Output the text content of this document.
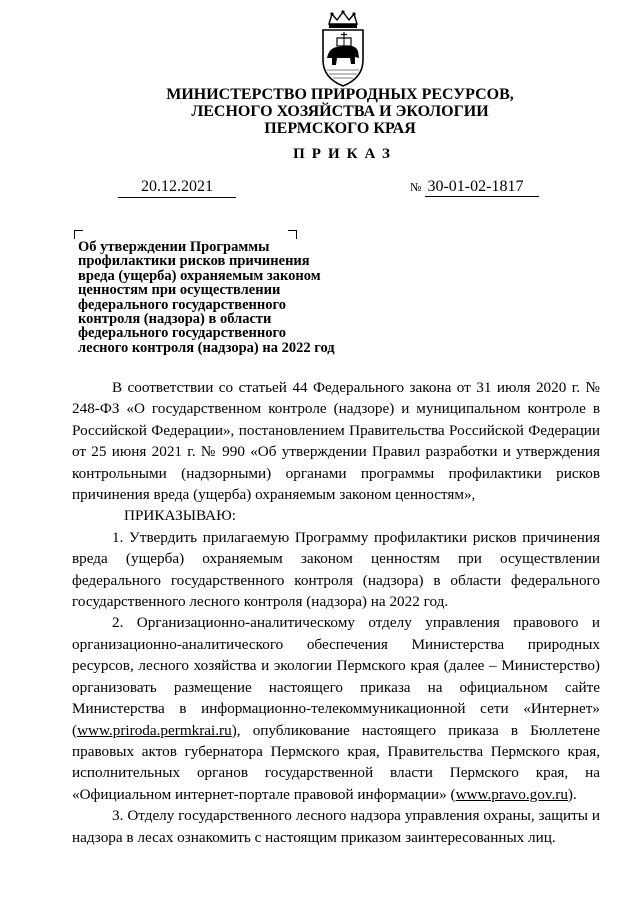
МИНИСТЕРСТВО ПРИРОДНЫХ РЕСУРСОВ,
ЛЕСНОГО ХОЗЯЙСТВА И ЭКОЛОГИИ
ПЕРМСКОГО КРАЯ
ПРИКАЗ
20.12.2021	№ 30-01-02-1817
Об утверждении Программы профилактики рисков причинения вреда (ущерба) охраняемым законом ценностям при осуществлении федерального государственного контроля (надзора) в области федерального государственного лесного контроля (надзора) на 2022 год

В соответствии со статьей 44 Федерального закона от 31 июля 2020 г. № 248-ФЗ «О государственном контроле (надзоре) и муниципальном контроле в Российской Федерации», постановлением Правительства Российской Федерации от 25 июня 2021 г. № 990 «Об утверждении Правил разработки и утверждения контрольными (надзорными) органами программы профилактики рисков причинения вреда (ущерба) охраняемым законом ценностям»,

ПРИКАЗЫВАЮ:

1. Утвердить прилагаемую Программу профилактики рисков причинения вреда (ущерба) охраняемым законом ценностям при осуществлении федерального государственного контроля (надзора) в области федерального государственного лесного контроля (надзора) на 2022 год.

2. Организационно-аналитическому отделу управления правового и организационно-аналитического обеспечения Министерства природных ресурсов, лесного хозяйства и экологии Пермского края (далее – Министерство) организовать размещение настоящего приказа на официальном сайте Министерства в информационно-телекоммуникационной сети «Интернет» (www.priroda.permkrai.ru), опубликование настоящего приказа в Бюллетене правовых актов губернатора Пермского края, Правительства Пермского края, исполнительных органов государственной власти Пермского края, на «Официальном интернет-портале правовой информации» (www.pravo.gov.ru).

3. Отделу государственного лесного надзора управления охраны, защиты и надзора в лесах ознакомить с настоящим приказом заинтересованных лиц.
